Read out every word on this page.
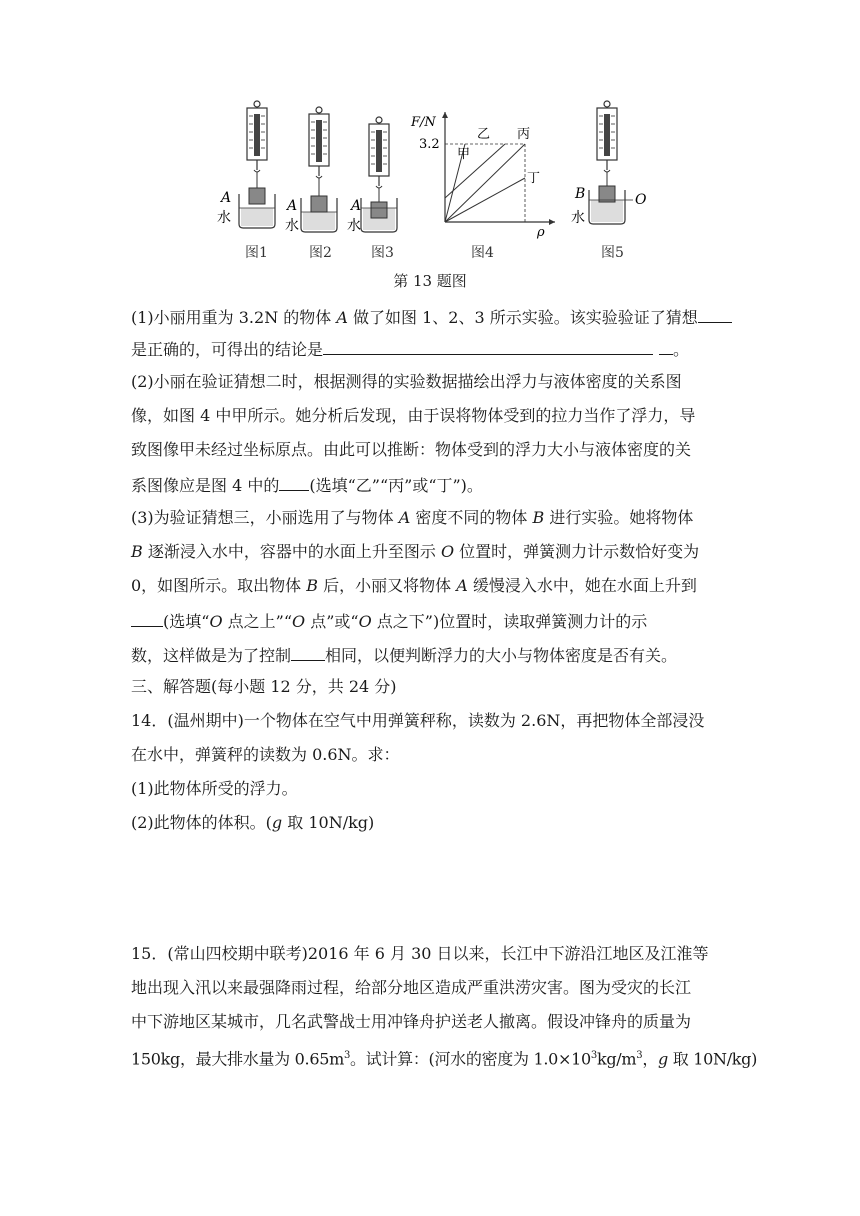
A
水
A
水
A
水
B	O
水
F/N
3.2
ρ
甲
乙 丙
丁
图1	图2	图3	图4	图5
第 13 题图
(1)小丽用重为 3.2N 的物体 A 做了如图 1、2、3 所示实验。该实验验证了猜想
是正确的，可得出的结论是	。
(2)小丽在验证猜想二时，根据测得的实验数据描绘出浮力与液体密度的关系图
像，如图 4 中甲所示。她分析后发现，由于误将物体受到的拉力当作了浮力，导
致图像甲未经过坐标原点。由此可以推断：物体受到的浮力大小与液体密度的关
系图像应是图 4 中的 (选填“乙”“丙”或“丁”)。
(3)为验证猜想三，小丽选用了与物体 A 密度不同的物体 B 进行实验。她将物体
B 逐渐浸入水中，容器中的水面上升至图示 O 位置时，弹簧测力计示数恰好变为
0，如图所示。取出物体 B 后，小丽又将物体 A 缓慢浸入水中，她在水面上升到
(选填“O 点之上”“O 点”或“O 点之下”)位置时，读取弹簧测力计的示
数，这样做是为了控制 相同，以便判断浮力的大小与物体密度是否有关。
三、解答题(每小题 12 分，共 24 分)
14．(温州期中)一个物体在空气中用弹簧秤称，读数为 2.6N，再把物体全部浸没
在水中，弹簧秤的读数为 0.6N。求：
(1)此物体所受的浮力。
(2)此物体的体积。(g 取 10N/kg)
15．(常山四校期中联考)2016 年 6 月 30 日以来，长江中下游沿江地区及江淮等
地出现入汛以来最强降雨过程，给部分地区造成严重洪涝灾害。图为受灾的长江
中下游地区某城市，几名武警战士用冲锋舟护送老人撤离。假设冲锋舟的质量为
150kg，最大排水量为 $0.65m^3$。试计算：(河水的密度为 $1.0\times 10^3kg/m^3$，g 取 10N/kg)
